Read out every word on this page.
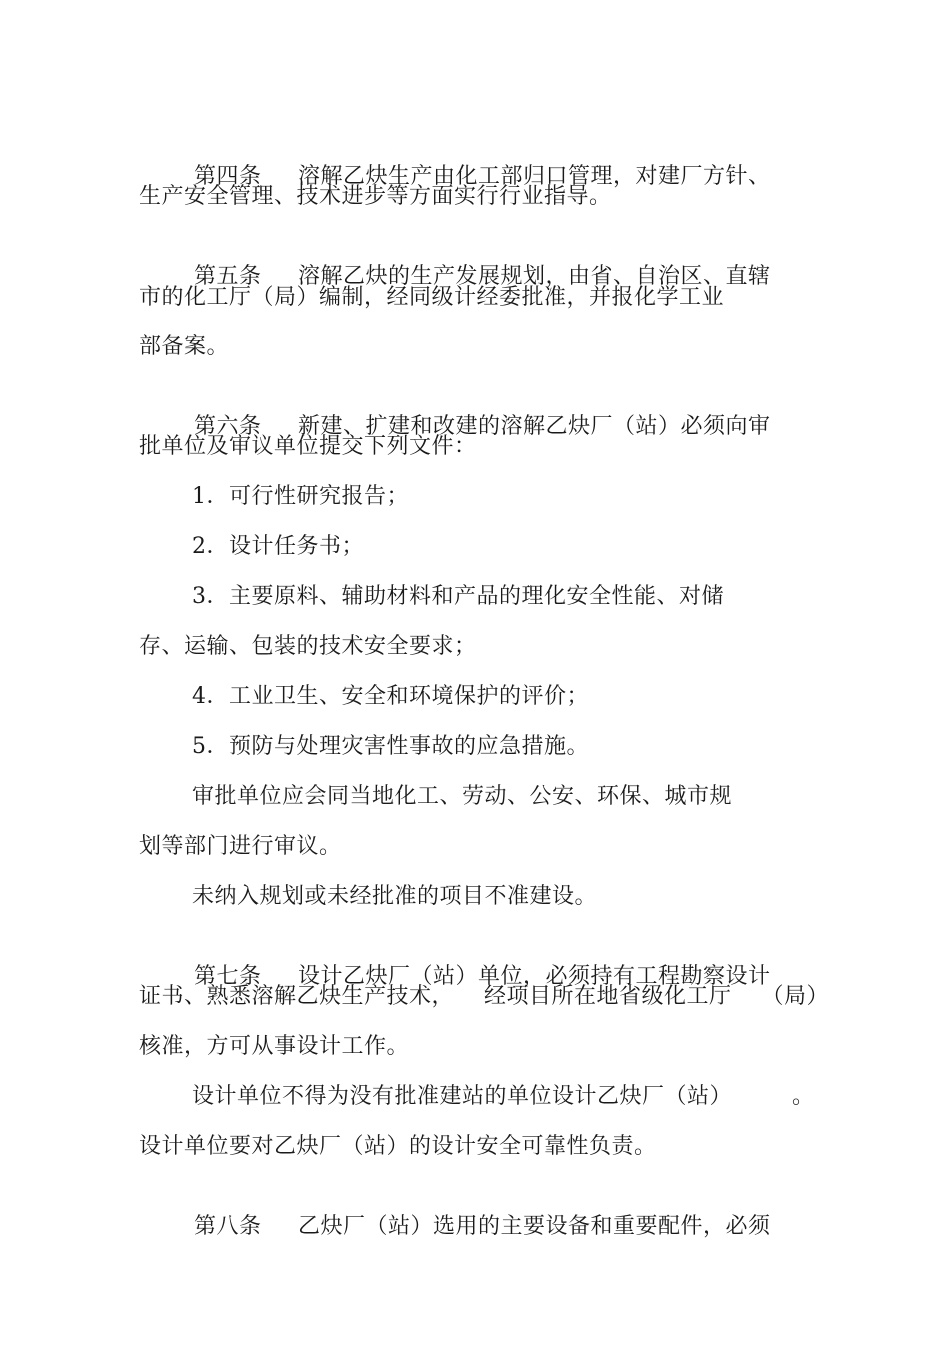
第四条 溶解乙炔生产由化工部归口管理，对建厂方针、

生产安全管理、技术进步等方面实行行业指导。

第五条 溶解乙炔的生产发展规划，由省、自治区、直辖

市的化工厅（局）编制，经同级计经委批准，并报化学工业
部备案。

第六条 新建、扩建和改建的溶解乙炔厂（站）必须向审

批单位及审议单位提交下列文件：
1．可行性研究报告；
2．设计任务书；
3．主要原料、辅助材料和产品的理化安全性能、对储
存、运输、包装的技术安全要求；
4．工业卫生、安全和环境保护的评价；
5．预防与处理灾害性事故的应急措施。
审批单位应会同当地化工、劳动、公安、环保、城市规
划等部门进行审议。
未纳入规划或未经批准的项目不准建设。

第七条 设计乙炔厂（站）单位，必须持有工程勘察设计

证书、熟悉溶解乙炔生产技术，    经项目所在地省级化工厅    （局）
核准，方可从事设计工作。
设计单位不得为没有批准建站的单位设计乙炔厂（站）        。
设计单位要对乙炔厂（站）的设计安全可靠性负责。

第八条 乙炔厂（站）选用的主要设备和重要配件，必须
